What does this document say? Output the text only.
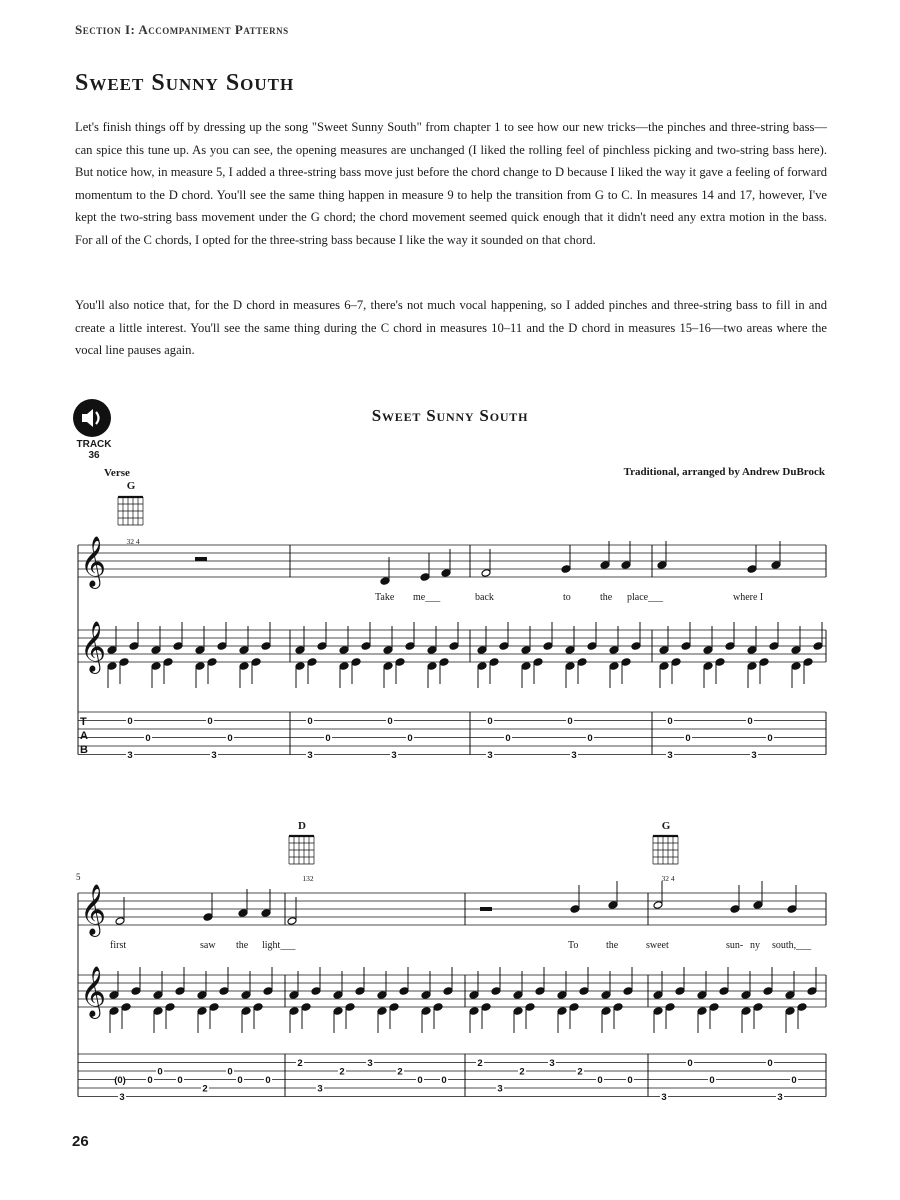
Section I: Accompaniment Patterns
Sweet Sunny South

Let's finish things off by dressing up the song "Sweet Sunny South" from chapter 1 to see how our new tricks—the pinches and three-string bass—can spice this tune up. As you can see, the opening measures are unchanged (I liked the rolling feel of pinchless picking and two-string bass here). But notice how, in measure 5, I added a three-string bass move just before the chord change to D because I liked the way it gave a feeling of forward momentum to the D chord. You'll see the same thing happen in measure 9 to help the transition from G to C. In measures 14 and 17, however, I've kept the two-string bass movement under the G chord; the chord movement seemed quick enough that it didn't need any extra motion in the bass. For all of the C chords, I opted for the three-string bass because I like the way it sounded on that chord.

You'll also notice that, for the D chord in measures 6–7, there's not much vocal happening, so I added pinches and three-string bass to fill in and create a little interest. You'll see the same thing during the C chord in measures 10–11 and the D chord in measures 15–16—two areas where the vocal line pauses again.

TRACK 36
Sweet Sunny South
Traditional, arranged by Andrew DuBrock
Verse
G
32 4
D
132
G
32 4
5
Take me___	back	to	the place___	where I
first	saw the light___	To	the	sweet	sun- ny south,___
𝄞
𝄞
T
A
B
𝄞
𝄞
0
0
0
0
3	3
0
0
0
0
3	3
0
0
0
0
3	3
0
0
0
0
3	3
(0) 0	0	0 0
0	0
3
2
2
3
2
3
2
0 0
2
3
2
3
2
0	0
0
0
0
0
3	3
26
